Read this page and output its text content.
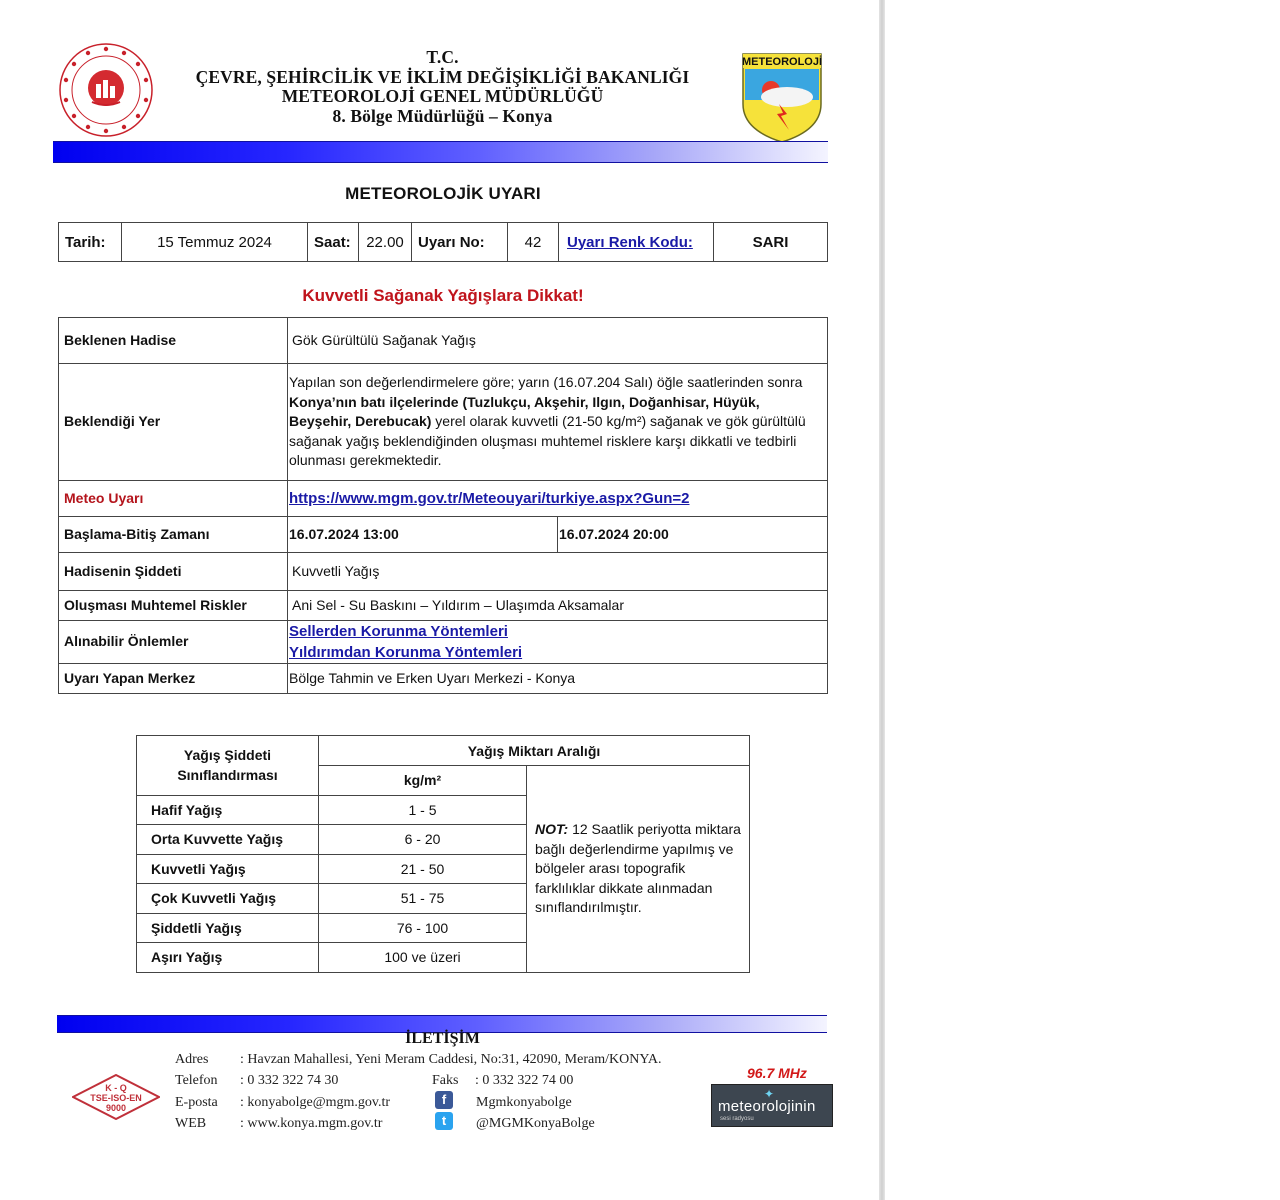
T.C.
ÇEVRE, ŞEHİRCİLİK VE İKLİM DEĞİŞİKLİĞİ BAKANLIĞI
METEOROLOJİ GENEL MÜDÜRLÜĞÜ
8. Bölge Müdürlüğü – Konya
METEOROLOJİ
METEOROLOJİK UYARI
Tarih:	15 Temmuz 2024	Saat:	22.00	Uyarı No:	42	Uyarı Renk Kodu:	SARI
Kuvvetli Sağanak Yağışlara Dikkat!
Beklenen Hadise	Gök Gürültülü Sağanak Yağış	
Beklendiği Yer	Yapılan son değerlendirmelere göre; yarın (16.07.204 Salı) öğle saatlerinden sonra Konya’nın batı ilçelerinde (Tuzlukçu, Akşehir, Ilgın, Doğanhisar, Hüyük, Beyşehir, Derebucak) yerel olarak kuvvetli (21-50 kg/m²) sağanak ve gök gürültülü sağanak yağış beklendiğinden oluşması muhtemel risklere karşı dikkatli ve tedbirli olunması gerekmektedir.	
Meteo Uyarı	https://www.mgm.gov.tr/Meteouyari/turkiye.aspx?Gun=2	
Başlama-Bitiş Zamanı	16.07.2024 13:00	16.07.2024 20:00
Hadisenin Şiddeti	Kuvvetli Yağış	
Oluşması Muhtemel Riskler	Ani Sel - Su Baskını – Yıldırım – Ulaşımda Aksamalar	
Alınabilir Önlemler	Sellerden Korunma Yöntemleri
Yıldırımdan Korunma Yöntemleri	

Uyarı Yapan Merkez	Bölge Tahmin ve Erken Uyarı Merkezi - Konya	
Yağış Şiddeti Sınıflandırması	Yağış Miktarı Aralığı	
	kg/m²	NOT: 12 Saatlik periyotta miktara bağlı değerlendirme yapılmış ve bölgeler arası topografik farklılıklar dikkate alınmadan sınıflandırılmıştır.
Hafif Yağış	1 - 5	
Orta Kuvvette Yağış	6 - 20	
Kuvvetli Yağış	21 - 50	
Çok Kuvvetli Yağış	51 - 75	
Şiddetli Yağış	76 - 100	
Aşırı Yağış	100 ve üzeri	
İLETİŞİM
K - Q
TSE-ISO-EN
9000
Adres : Havzan Mahallesi, Yeni Meram Caddesi, No:31, 42090, Meram/KONYA.
Telefon : 0 332 322 74 30	Faks : 0 332 322 74 00
E-posta : konyabolge@mgm.gov.tr	f	Mgmkonyabolge
WEB : www.konya.mgm.gov.tr	t	@MGMKonyaBolge
96.7 MHz
✦
meteorolojinin
sesi radyosu
